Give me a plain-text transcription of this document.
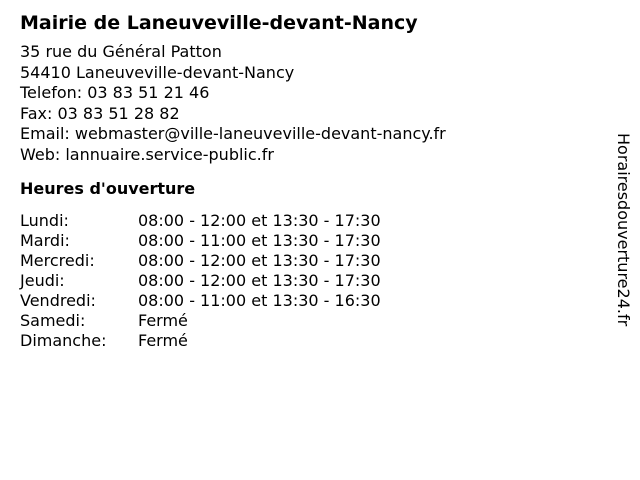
Mairie de Laneuveville-devant-Nancy
35 rue du Général Patton
54410 Laneuveville-devant-Nancy
Telefon: 03 83 51 21 46
Fax: 03 83 51 28 82
Email: webmaster@ville-laneuveville-devant-nancy.fr
Web: lannuaire.service-public.fr
Heures d'ouverture
Lundi:	08:00 - 12:00 et 13:30 - 17:30
Mardi:	08:00 - 11:00 et 13:30 - 17:30
Mercredi:	08:00 - 12:00 et 13:30 - 17:30
Jeudi:	08:00 - 12:00 et 13:30 - 17:30
Vendredi:	08:00 - 11:00 et 13:30 - 16:30
Samedi:	Fermé
Dimanche:	Fermé
Horairesdouverture24.fr
